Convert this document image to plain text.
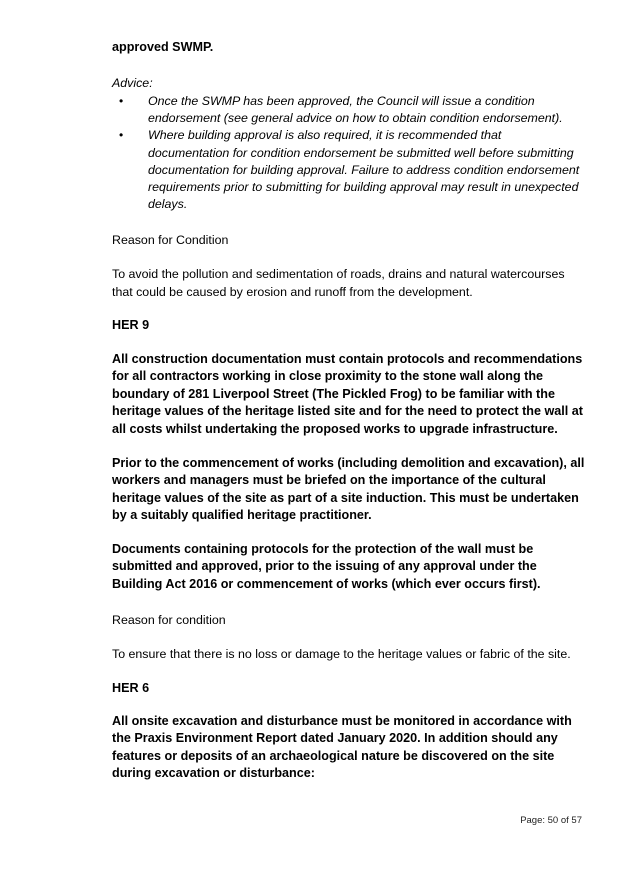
approved SWMP.

Advice:

• Once the SWMP has been approved, the Council will issue a condition endorsement (see general advice on how to obtain condition endorsement).
• Where building approval is also required, it is recommended that documentation for condition endorsement be submitted well before submitting documentation for building approval. Failure to address condition endorsement requirements prior to submitting for building approval may result in unexpected delays.

Reason for Condition

To avoid the pollution and sedimentation of roads, drains and natural watercourses that could be caused by erosion and runoff from the development.

HER 9

All construction documentation must contain protocols and recommendations for all contractors working in close proximity to the stone wall along the boundary of 281 Liverpool Street (The Pickled Frog) to be familiar with the heritage values of the heritage listed site and for the need to protect the wall at all costs whilst undertaking the proposed works to upgrade infrastructure.

Prior to the commencement of works (including demolition and excavation), all workers and managers must be briefed on the importance of the cultural heritage values of the site as part of a site induction. This must be undertaken by a suitably qualified heritage practitioner.

Documents containing protocols for the protection of the wall must be submitted and approved, prior to the issuing of any approval under the Building Act 2016 or commencement of works (which ever occurs first).

Reason for condition

To ensure that there is no loss or damage to the heritage values or fabric of the site.

HER 6

All onsite excavation and disturbance must be monitored in accordance with the Praxis Environment Report dated January 2020. In addition should any features or deposits of an archaeological nature be discovered on the site during excavation or disturbance:

Page: 50 of 57
